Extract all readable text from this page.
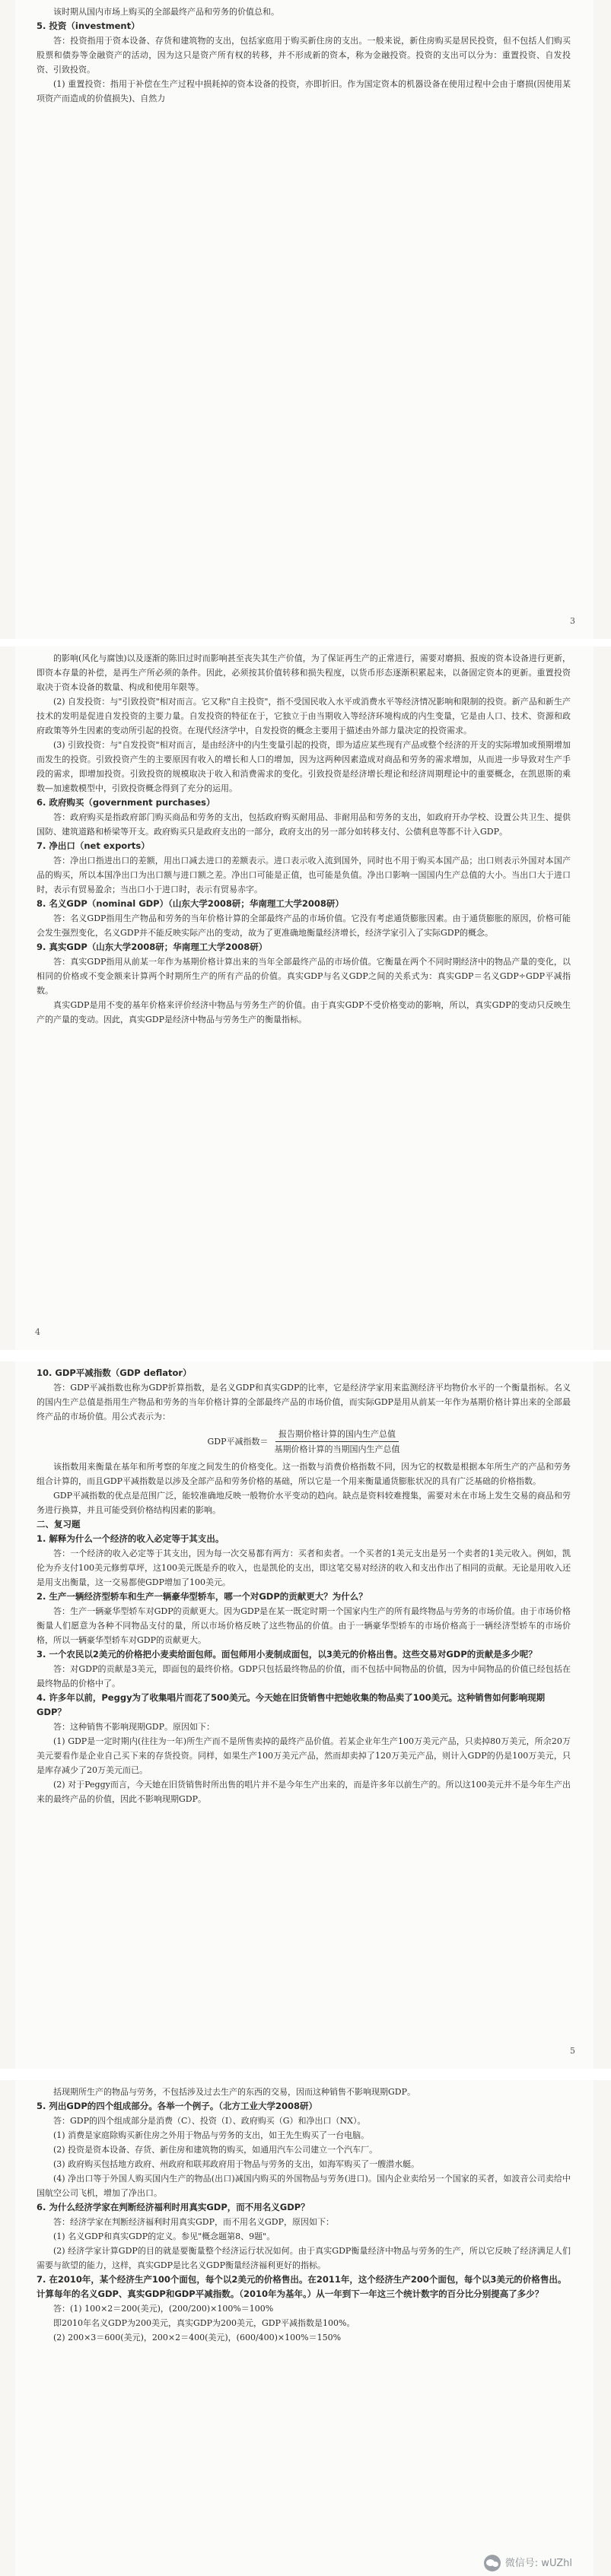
该时期从国内市场上购买的全部最终产品和劳务的价值总和。

5. 投资（investment）

答：投资指用于资本设备、存货和建筑物的支出，包括家庭用于购买新住房的支出。一般来说，新住房购买是居民投资，但不包括人们购买股票和债券等金融资产的活动，因为这只是资产所有权的转移，并不形成新的资本，称为金融投资。投资的支出可以分为：重置投资、自发投资、引致投资。

(1) 重置投资：指用于补偿在生产过程中损耗掉的资本设备的投资，亦即折旧。作为国定资本的机器设备在使用过程中会由于磨损(因使用某项资产而造成的价值损失)、自然力

3

的影响(风化与腐蚀)以及逐渐的陈旧过时而影响甚至丧失其生产价值，为了保证再生产的正常进行，需要对磨损、报废的资本设备进行更新，即资本存量的补偿，是再生产所必须的条件。因此，必须按其价值转移和损失程度，以货币形态逐渐积累起来，以备固定资本的更新。重置投资取决于资本设备的数量、构成和使用年限等。

(2) 自发投资：与"引致投资"相对而言。它又称"自主投资"，指不受国民收入水平或消费水平等经济情况影响和限制的投资。新产品和新生产技术的发明是促进自发投资的主要力量。自发投资的特征在于，它独立于由当期收入等经济环境构成的内生变量，它是由人口、技术、资源和政府政策等外生因素的变动所引起的投资。在现代经济学中，自发投资的概念主要用于描述由外部力量决定的投资需求。

(3) 引致投资：与"自发投资"相对而言，是由经济中的内生变量引起的投资，即为适应某些现有产品或整个经济的开支的实际增加或预期增加而发生的投资。引致投资产生的主要原因有收入的增长和人口的增加，因为这两种因素造成对商品和劳务的需求增加，从而进一步导致对生产手段的需求，即增加投资。引致投资的规模取决于收入和消费需求的变化。引致投资是经济增长理论和经济周期理论中的重要概念，在凯恩斯的乘数—加速数模型中，引致投资概念得到了充分的运用。

6. 政府购买（government purchases）

答：政府购买是指政府部门购买商品和劳务的支出，包括政府购买耐用品、非耐用品和劳务的支出，如政府开办学校、设置公共卫生、提供国防、建筑道路和桥梁等开支。政府购买只是政府支出的一部分，政府支出的另一部分如转移支付、公债利息等都不计入GDP。

7. 净出口（net exports）

答：净出口指进出口的差额，用出口减去进口的差额表示。进口表示收入流到国外，同时也不用于购买本国产品；出口则表示外国对本国产品的购买，所以本国净出口为出口额与进口额之差。净出口可能是正值，也可能是负值。净出口影响一国国内生产总值的大小。当出口大于进口时，表示有贸易盈余；当出口小于进口时，表示有贸易赤字。

8. 名义GDP（nominal GDP）（山东大学2008研；华南理工大学2008研）

答：名义GDP指用生产物品和劳务的当年价格计算的全部最终产品的市场价值。它没有考虑通货膨胀因素。由于通货膨胀的原因，价格可能会发生强烈变化，名义GDP并不能反映实际产出的变动，故为了更准确地衡量经济增长，经济学家引入了实际GDP的概念。

9. 真实GDP（山东大学2008研；华南理工大学2008研）

答：真实GDP指用从前某一年作为基期价格计算出来的当年全部最终产品的市场价值。它衡量在两个不同时期经济中的物品产量的变化，以相同的价格或不变金额来计算两个时期所生产的所有产品的价值。真实GDP与名义GDP之间的关系式为：真实GDP＝名义GDP÷GDP平减指数。

真实GDP是用不变的基年价格来评价经济中物品与劳务生产的价值。由于真实GDP不受价格变动的影响，所以，真实GDP的变动只反映生产的产量的变动。因此，真实GDP是经济中物品与劳务生产的衡量指标。

4

10. GDP平减指数（GDP deflator）

答：GDP平减指数也称为GDP折算指数，是名义GDP和真实GDP的比率，它是经济学家用来监测经济平均物价水平的一个衡量指标。名义的国内生产总值是指用生产物品和劳务的当年价格计算的全部最终产品的市场价值，而实际GDP是用从前某一年作为基期价格计算出来的全部最终产品的市场价值。用公式表示为：

GDP平减指数＝ $\frac{\text{报告期价格计算的国内生产总值}}{\text{基期价格计算的当期国内生产总值}}$

该指数用来衡量在基年和所考察的年度之间发生的价格变化。这一指数与消费价格指数不同，因为它的权数是根据本年所生产的产品和劳务组合计算的，而且GDP平减指数是以涉及全部产品和劳务价格的基础，所以它是一个用来衡量通货膨胀状况的具有广泛基础的价格指数。

GDP平减指数的优点是范围广泛，能较准确地反映一般物价水平变动的趋向。缺点是资料较难搜集，需要对未在市场上发生交易的商品和劳务进行换算，并且可能受到价格结构因素的影响。

二、复习题

1. 解释为什么一个经济的收入必定等于其支出。

答：一个经济的收入必定等于其支出，因为每一次交易都有两方：买者和卖者。一个买者的1美元支出是另一个卖者的1美元收入。例如，凯伦为乔支付100美元修剪草坪，这100美元既是乔的收入，也是凯伦的支出，即这笔交易对经济的收入和支出作出了相同的贡献。无论是用收入还是用支出衡量，这一交易都使GDP增加了100美元。

2. 生产一辆经济型轿车和生产一辆豪华型轿车，哪一个对GDP的贡献更大？为什么？

答：生产一辆豪华型轿车对GDP的贡献更大。因为GDP是在某一既定时期一个国家内生产的所有最终物品与劳务的市场价值。由于市场价格衡量人们愿意为各种不同物品支付的量，所以市场价格反映了这些物品的价值。由于一辆豪华型轿车的市场价格高于一辆经济型轿车的市场价格，所以一辆豪华型轿车对GDP的贡献更大。

3. 一个农民以2美元的价格把小麦卖给面包师。面包师用小麦制成面包，以3美元的价格出售。这些交易对GDP的贡献是多少呢？

答：对GDP的贡献是3美元，即面包的最终价格。GDP只包括最终物品的价值，而不包括中间物品的价值，因为中间物品的价值已经包括在最终物品的价格中了。

4. 许多年以前，Peggy为了收集唱片而花了500美元。今天她在旧货销售中把她收集的物品卖了100美元。这种销售如何影响现期GDP？

答：这种销售不影响现期GDP。原因如下：

(1) GDP是一定时期内(往往为一年)所生产而不是所售卖掉的最终产品价值。若某企业年生产100万美元产品，只卖掉80万美元，所余20万美元要看作是企业自己买下来的存货投资。同样，如果生产100万美元产品，然而却卖掉了120万美元产品，则计入GDP的仍是100万美元，只是库存减少了20万美元而已。

(2) 对于Peggy而言，今天她在旧货销售时所出售的唱片并不是今年生产出来的，而是许多年以前生产的。所以这100美元并不是今年生产出来的最终产品的价值，因此不影响现期GDP。

5

括现期所生产的物品与劳务，不包括涉及过去生产的东西的交易，因而这种销售不影响现期GDP。

5. 列出GDP的四个组成部分。各举一个例子。（北方工业大学2008研）

答：GDP的四个组成部分是消费（C）、投资（I）、政府购买（G）和净出口（NX）。

(1) 消费是家庭除购买新住房之外用于物品与劳务的支出，如王先生购买了一台电脑。

(2) 投资是资本设备、存货、新住房和建筑物的购买，如通用汽车公司建立一个汽车厂。

(3) 政府购买包括地方政府、州政府和联邦政府用于物品与劳务的支出，如海军购买了一艘潜水艇。

(4) 净出口等于外国人购买国内生产的物品(出口)减国内购买的外国物品与劳务(进口)。国内企业卖给另一个国家的买者，如波音公司卖给中国航空公司飞机，增加了净出口。

6. 为什么经济学家在判断经济福利时用真实GDP，而不用名义GDP？

答：经济学家在判断经济福利时用真实GDP，而不用名义GDP，原因如下：

(1) 名义GDP和真实GDP的定义。参见"概念题第8、9题"。

(2) 经济学家计算GDP的目的就是要衡量整个经济运行状况如何。由于真实GDP衡量经济中物品与劳务的生产，所以它反映了经济满足人们需要与欲望的能力，这样，真实GDP是比名义GDP衡量经济福利更好的指标。

7. 在2010年，某个经济生产100个面包，每个以2美元的价格售出。在2011年，这个经济生产200个面包，每个以3美元的价格售出。计算每年的名义GDP、真实GDP和GDP平减指数。（2010年为基年。）从一年到下一年这三个统计数字的百分比分别提高了多少？

答：(1) 100×2＝200(美元)，(200/200)×100%＝100%

即2010年名义GDP为200美元，真实GDP为200美元，GDP平减指数是100%。

(2) 200×3＝600(美元)，200×2＝400(美元)，(600/400)×100%＝150%

微信号: wUZhl
